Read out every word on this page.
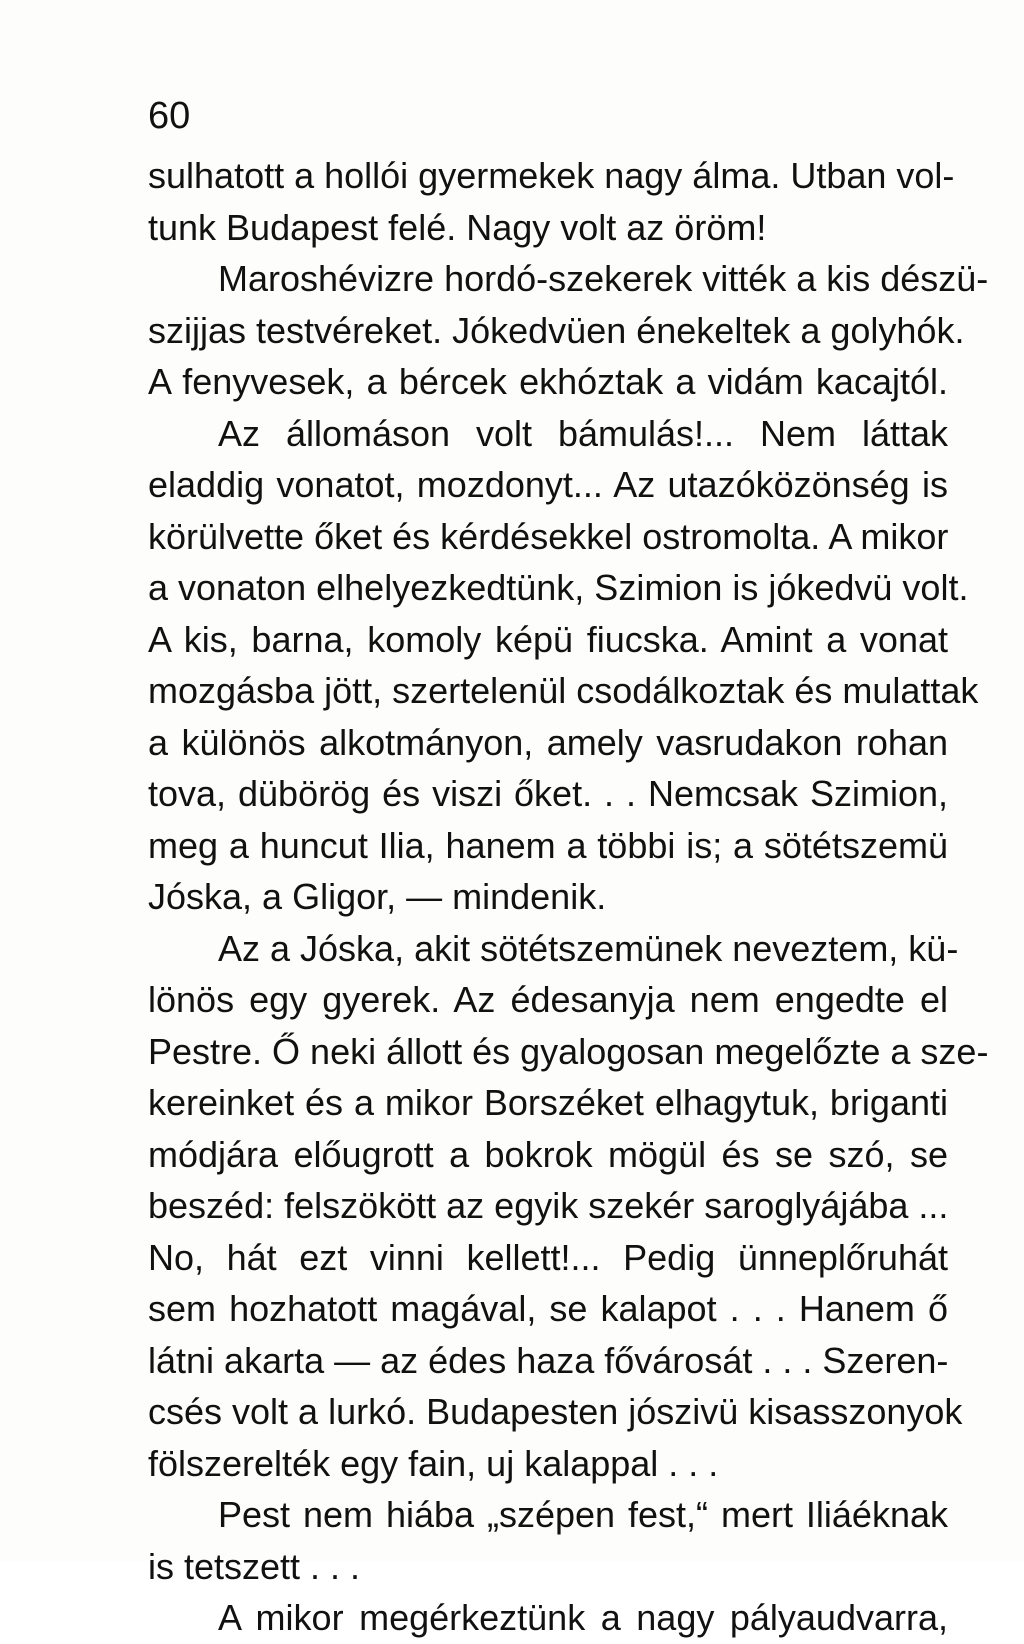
60
sulhatott a hollói gyermekek nagy álma. Utban vol-
tunk Budapest felé. Nagy volt az öröm!
Maroshévizre hordó-szekerek vitték a kis dészü-
szijjas testvéreket. Jókedvüen énekeltek a golyhók.
A fenyvesek, a bércek ekhóztak a vidám kacajtól.
Az állomáson volt bámulás!... Nem láttak
eladdig vonatot, mozdonyt... Az utazóközönség is
körülvette őket és kérdésekkel ostromolta. A mikor
a vonaton elhelyezkedtünk, Szimion is jókedvü volt.
A kis, barna, komoly képü fiucska. Amint a vonat
mozgásba jött, szertelenül csodálkoztak és mulattak
a különös alkotmányon, amely vasrudakon rohan
tova, dübörög és viszi őket. . . Nemcsak Szimion,
meg a huncut Ilia, hanem a többi is; a sötétszemü
Jóska, a Gligor, — mindenik.
Az a Jóska, akit sötétszemünek neveztem, kü-
lönös egy gyerek. Az édesanyja nem engedte el
Pestre. Ő neki állott és gyalogosan megelőzte a sze-
kereinket és a mikor Borszéket elhagytuk, briganti
módjára előugrott a bokrok mögül és se szó, se
beszéd: felszökött az egyik szekér saroglyájába ...
No, hát ezt vinni kellett!... Pedig ünneplőruhát
sem hozhatott magával, se kalapot . . . Hanem ő
látni akarta — az édes haza fővárosát . . . Szeren-
csés volt a lurkó. Budapesten jószivü kisasszonyok
fölszerelték egy fain, uj kalappal . . .
Pest nem hiába „szépen fest,“ mert Iliáéknak
is tetszett . . .
A mikor megérkeztünk a nagy pályaudvarra,
